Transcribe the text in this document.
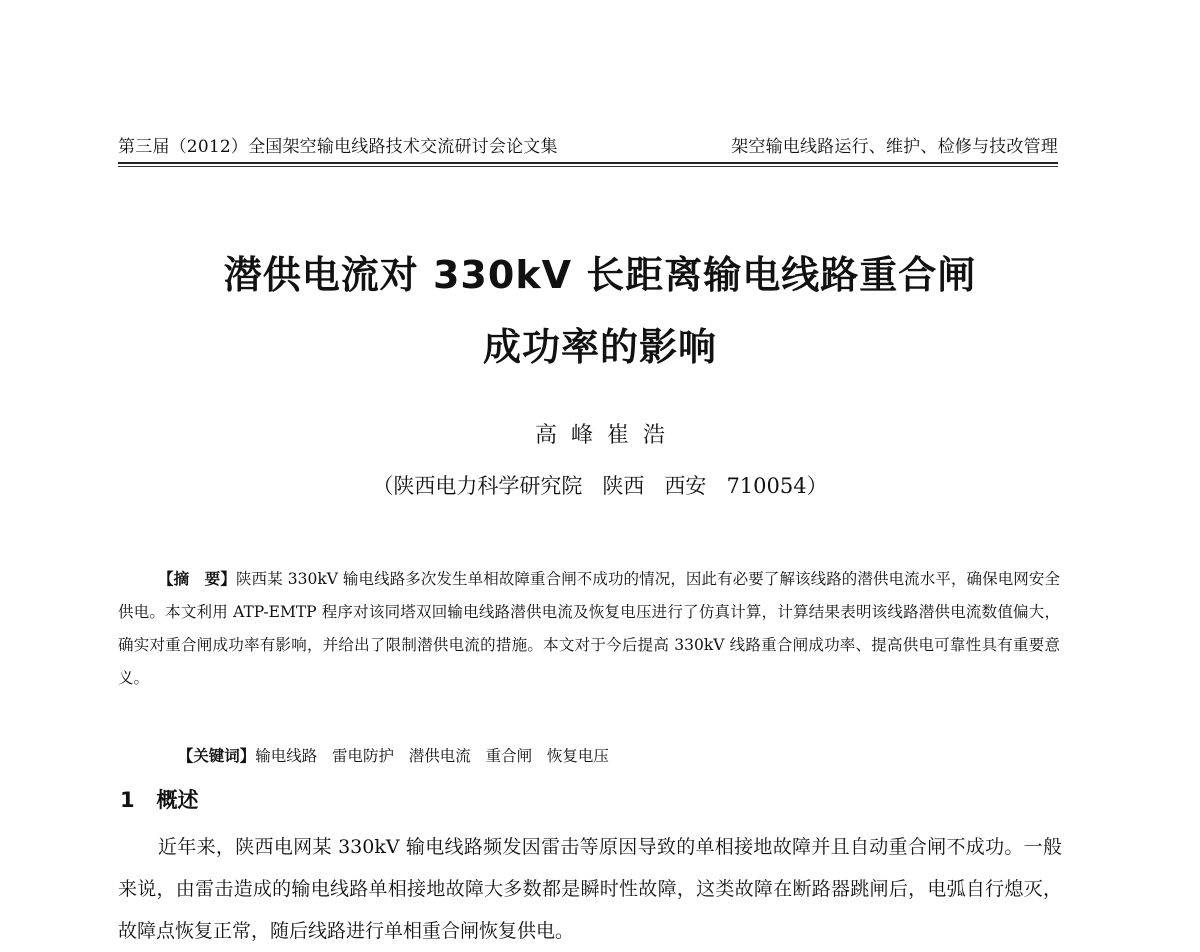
第三届（2012）全国架空输电线路技术交流研讨会论文集	架空输电线路运行、维护、检修与技改管理
潜供电流对 330kV 长距离输电线路重合闸
成功率的影响
高  峰  崔  浩
（陕西电力科学研究院   陕西   西安   710054）
【摘　要】陕西某 330kV 输电线路多次发生单相故障重合闸不成功的情况，因此有必要了解该线路的潜供电流水平，确保电网安全供电。本文利用 ATP-EMTP 程序对该同塔双回输电线路潜供电流及恢复电压进行了仿真计算，计算结果表明该线路潜供电流数值偏大，确实对重合闸成功率有影响，并给出了限制潜供电流的措施。本文对于今后提高 330kV 线路重合闸成功率、提高供电可靠性具有重要意义。

【关键词】输电线路   雷电防护   潜供电流   重合闸   恢复电压

1   概述
近年来，陕西电网某 330kV 输电线路频发因雷击等原因导致的单相接地故障并且自动重合闸不成功。一般来说，由雷击造成的输电线路单相接地故障大多数都是瞬时性故障，这类故障在断路器跳闸后，电弧自行熄灭，故障点恢复正常，随后线路进行单相重合闸恢复供电。
